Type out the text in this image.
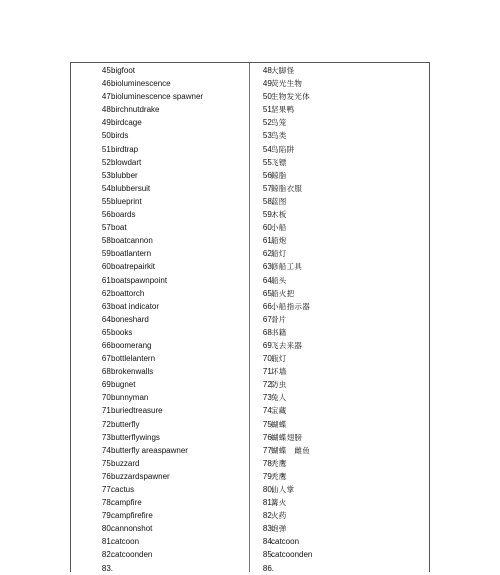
45.
bigfoot
46.
bioluminescence
47.
bioluminescence spawner
48.
birchnutdrake
49.
birdcage
50.
birds
51.
birdtrap
52.
blowdart
53.
blubber
54.
blubbersuit
55.
blueprint
56.
boards
57.
boat
58.
boatcannon
59.
boatlantern
60.
boatrepairkit
61.
boatspawnpoint
62.
boattorch
63.
boat indicator
64.
boneshard
65.
books
66.
boomerang
67.
bottlelantern
68.
brokenwalls
69.
bugnet
70.
bunnyman
71.
buriedtreasure
72.
butterfly
73.
butterflywings
74.
butterfly areaspawner
75.
buzzard
76.
buzzardspawner
77.
cactus
78.
campfire
79.
campfirefire
80.
cannonshot
81.
catcoon
82.
catcoonden
83.
48.
大脚怪
49.
荧光生物
50.
生物发光体
51.
坚果鸭
52.
鸟笼
53.
鸟类
54.
鸟陷阱
55.
飞镖
56.
鲸脂
57.
鲸脂衣服
58.
蓝图
59.
木板
60.
小船
61.
船炮
62.
船灯
63.
修船工具
64.
船头
65.
船火把
66.
小船指示器
67.
骨片
68.
书籍
69.
飞去来器
70.
瓶灯
71.
坏墙
72.
防虫
73.
兔人
74.
宝藏
75.
蝴蝶
76.
蝴蝶翅膀
77.
蝴蝶　雌鱼
78.
秃鹰
79.
秃鹰
80.
仙人掌
81.
篝火
82.
火药
83.
炮弹
84.
catcoon
85.
catcoonden
86.
